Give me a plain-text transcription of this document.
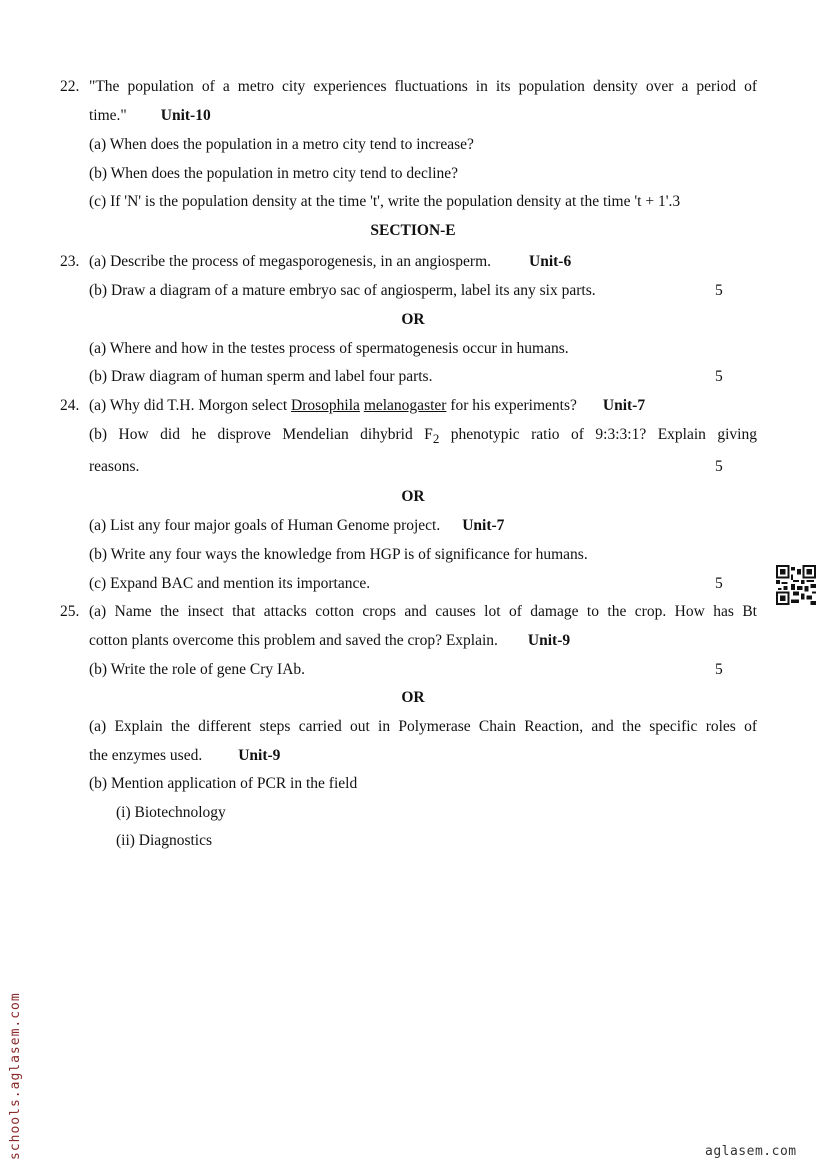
22. "The population of a metro city experiences fluctuations in its population density over a period of
time." Unit-10
(a) When does the population in a metro city tend to increase?
(b) When does the population in metro city tend to decline?
(c) If 'N' is the population density at the time 't', write the population density at the time 't + 1'.3
SECTION-E
23. (a) Describe the process of megasporogenesis, in an angiosperm. Unit-6
(b) Draw a diagram of a mature embryo sac of angiosperm, label its any six parts.	5
OR
(a) Where and how in the testes process of spermatogenesis occur in humans.
(b) Draw diagram of human sperm and label four parts.	5
24. (a) Why did T.H. Morgon select Drosophila melanogaster for his experiments? Unit-7
(b) How did he disprove Mendelian dihybrid $F_2$ phenotypic ratio of 9:3:3:1? Explain giving
reasons.	5
OR
(a) List any four major goals of Human Genome project. Unit-7
(b) Write any four ways the knowledge from HGP is of significance for humans.
(c) Expand BAC and mention its importance.	5
25. (a) Name the insect that attacks cotton crops and causes lot of damage to the crop. How has Bt
cotton plants overcome this problem and saved the crop? Explain. Unit-9
(b) Write the role of gene Cry IAb.	5
OR
(a) Explain the different steps carried out in Polymerase Chain Reaction, and the specific roles of
the enzymes used. Unit-9
(b) Mention application of PCR in the field
(i) Biotechnology
(ii) Diagnostics
schools.aglasem.com	aglasem.com
